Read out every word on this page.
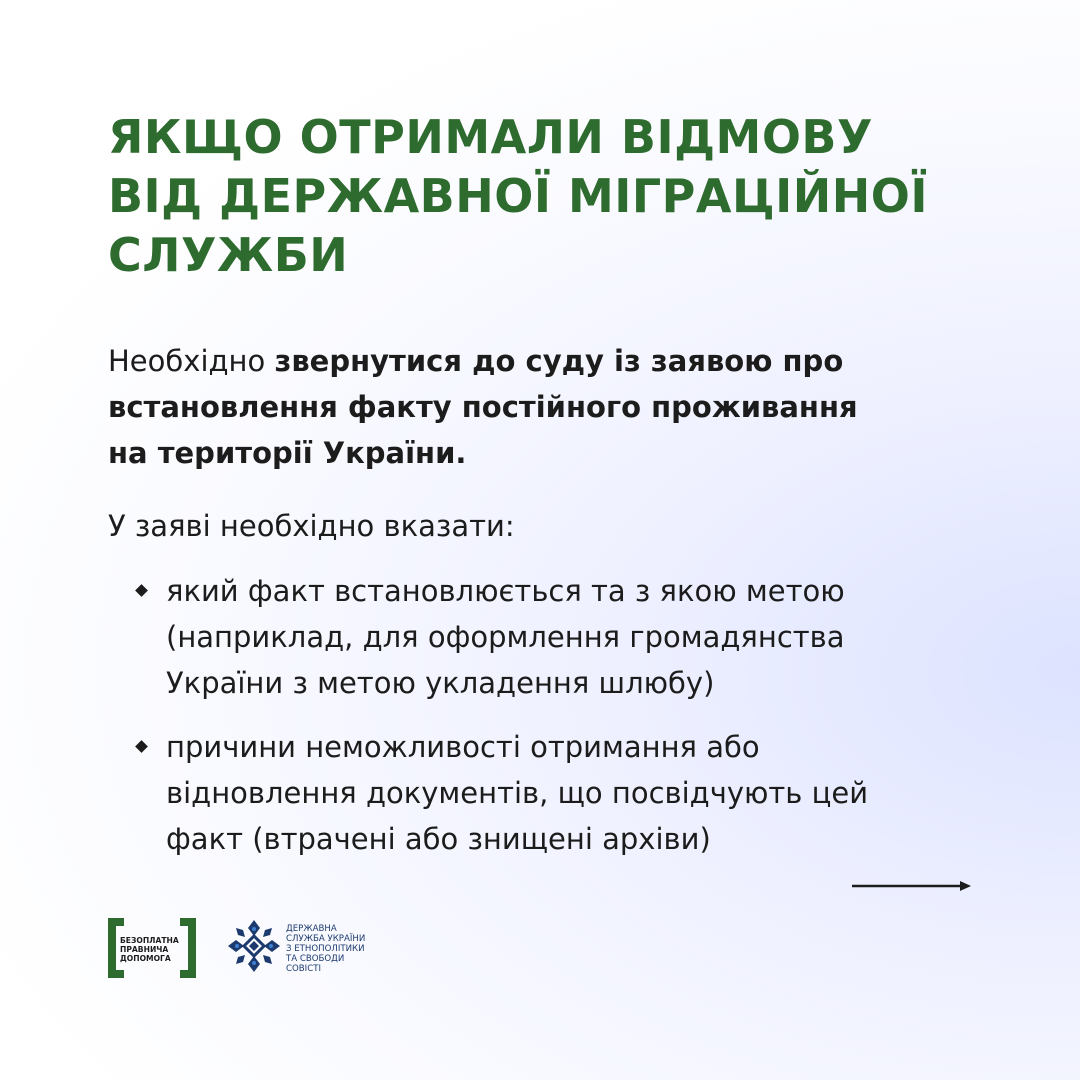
ЯКЩО ОТРИМАЛИ ВІДМОВУ
ВІД ДЕРЖАВНОЇ МІГРАЦІЙНОЇ
СЛУЖБИ

Необхідно звернутися до суду із заявою про
встановлення факту постійного проживання
на території України.

У заяві необхідно вказати:

який факт встановлюється та з якою метою
(наприклад, для оформлення громадянства
України з метою укладення шлюбу)
причини неможливості отримання або
відновлення документів, що посвідчують цей
факт (втрачені або знищені архіви)
БЕЗОПЛАТНА
ПРАВНИЧА
ДОПОМОГА
ДЕРЖАВНА
СЛУЖБА УКРАЇНИ
З ЕТНОПОЛІТИКИ
ТА СВОБОДИ
СОВІСТІ
